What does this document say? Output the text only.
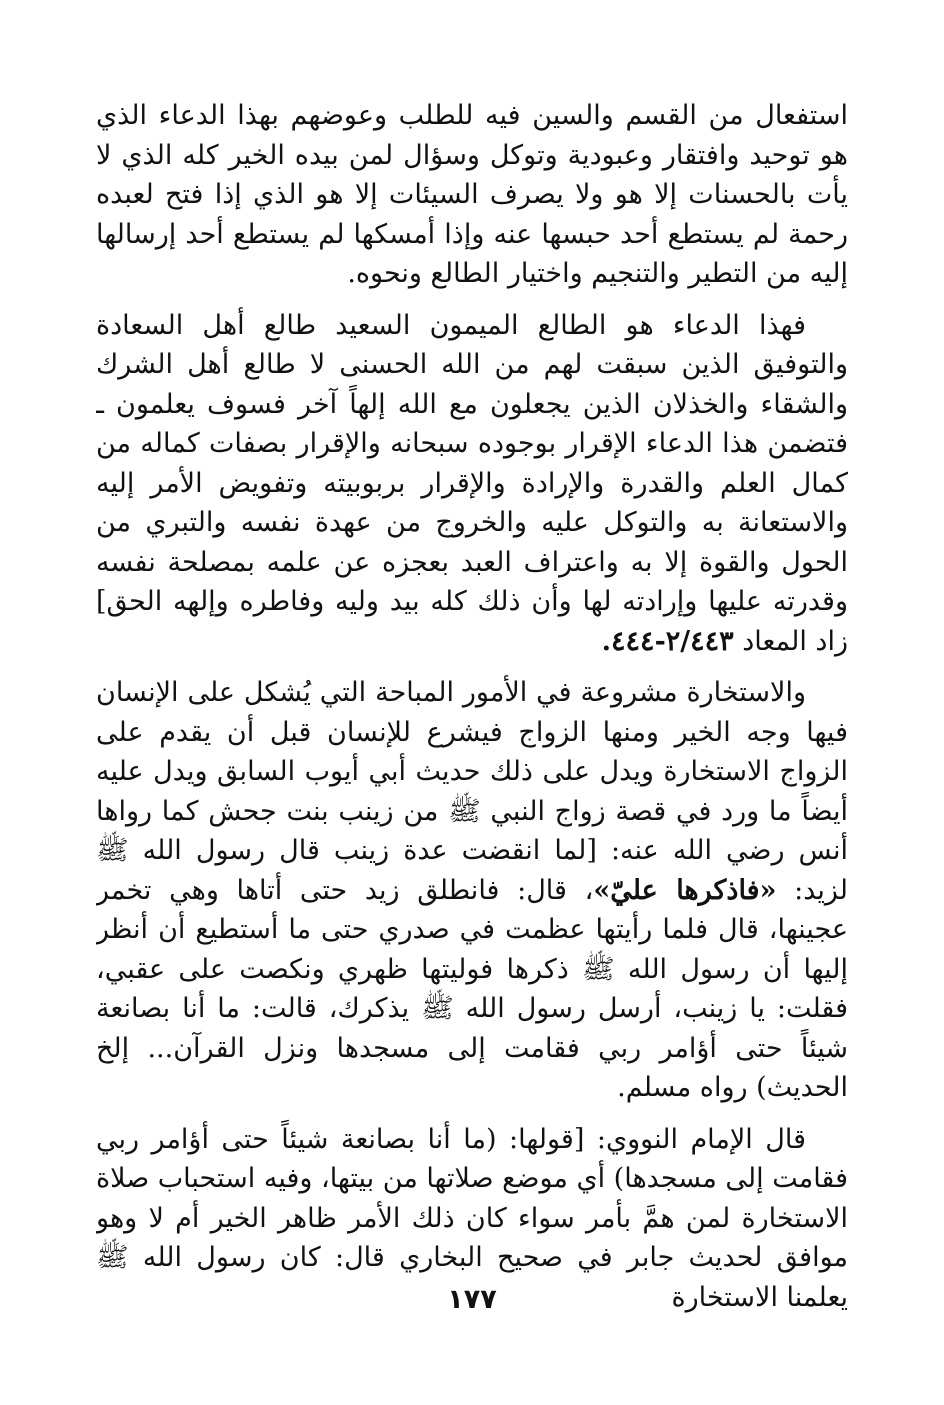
استفعال من القسم والسين فيه للطلب وعوضهم بهذا الدعاء الذي هو توحيد وافتقار وعبودية وتوكل وسؤال لمن بيده الخير كله الذي لا يأت بالحسنات إلا هو ولا يصرف السيئات إلا هو الذي إذا فتح لعبده رحمة لم يستطع أحد حبسها عنه وإذا أمسكها لم يستطع أحد إرسالها إليه من التطير والتنجيم واختيار الطالع ونحوه.

فهذا الدعاء هو الطالع الميمون السعيد طالع أهل السعادة والتوفيق الذين سبقت لهم من الله الحسنى لا طالع أهل الشرك والشقاء والخذلان الذين يجعلون مع الله إلهاً آخر فسوف يعلمون ـ فتضمن هذا الدعاء الإقرار بوجوده سبحانه والإقرار بصفات كماله من كمال العلم والقدرة والإرادة والإقرار بربوبيته وتفويض الأمر إليه والاستعانة به والتوكل عليه والخروج من عهدة نفسه والتبري من الحول والقوة إلا به واعتراف العبد بعجزه عن علمه بمصلحة نفسه وقدرته عليها وإرادته لها وأن ذلك كله بيد وليه وفاطره وإلهه الحق] زاد المعاد ٢/٤٤٣-٤٤٤.

والاستخارة مشروعة في الأمور المباحة التي يُشكل على الإنسان فيها وجه الخير ومنها الزواج فيشرع للإنسان قبل أن يقدم على الزواج الاستخارة ويدل على ذلك حديث أبي أيوب السابق ويدل عليه أيضاً ما ورد في قصة زواج النبي ﷺ من زينب بنت جحش كما رواها أنس رضي الله عنه: [لما انقضت عدة زينب قال رسول الله ﷺ لزيد: «فاذكرها عليّ»، قال: فانطلق زيد حتى أتاها وهي تخمر عجينها، قال فلما رأيتها عظمت في صدري حتى ما أستطيع أن أنظر إليها أن رسول الله ﷺ ذكرها فوليتها ظهري ونكصت على عقبي، فقلت: يا زينب، أرسل رسول الله ﷺ يذكرك، قالت: ما أنا بصانعة شيئاً حتى أؤامر ربي فقامت إلى مسجدها ونزل القرآن... إلخ الحديث) رواه مسلم.

قال الإمام النووي: [قولها: (ما أنا بصانعة شيئاً حتى أؤامر ربي فقامت إلى مسجدها) أي موضع صلاتها من بيتها، وفيه استحباب صلاة الاستخارة لمن همَّ بأمر سواء كان ذلك الأمر ظاهر الخير أم لا وهو موافق لحديث جابر في صحيح البخاري قال: كان رسول الله ﷺ يعلمنا الاستخارة

١٧٧
